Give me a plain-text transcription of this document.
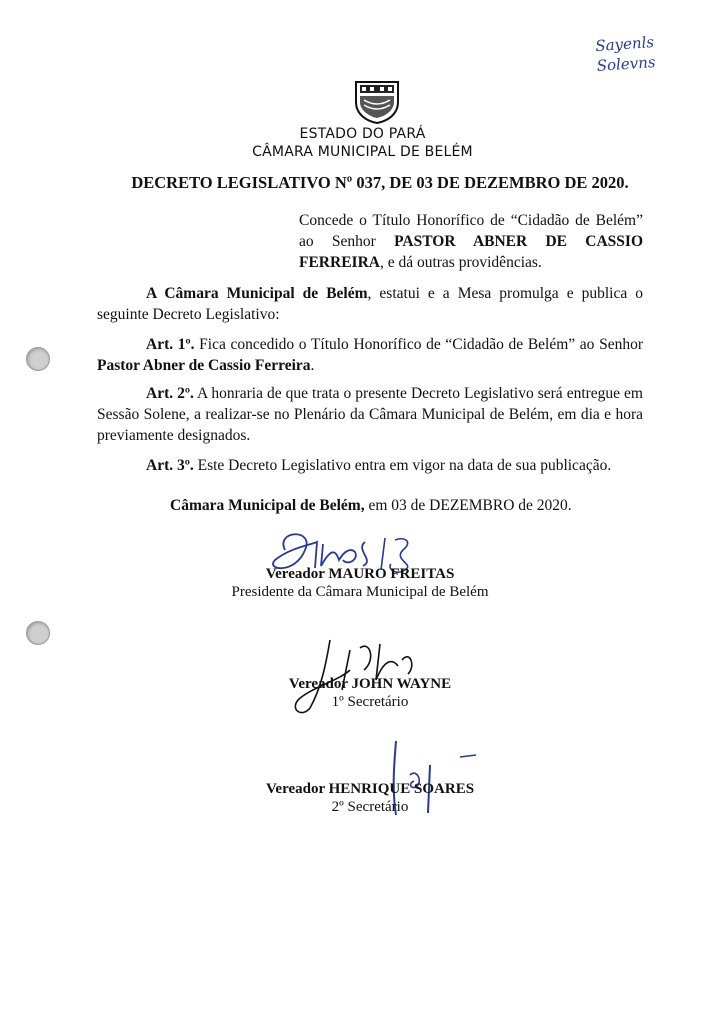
Sayenls
Solevns
ESTADO DO PARÁ
CÂMARA MUNICIPAL DE BELÉM
DECRETO LEGISLATIVO Nº 037, DE 03 DE DEZEMBRO DE 2020.
Concede o Título Honorífico de “Cidadão de Belém” ao Senhor PASTOR ABNER DE CASSIO FERREIRA, e dá outras providências.
A Câmara Municipal de Belém, estatui e a Mesa promulga e publica o seguinte Decreto Legislativo:
Art. 1º. Fica concedido o Título Honorífico de “Cidadão de Belém” ao Senhor Pastor Abner de Cassio Ferreira.
Art. 2º. A honraria de que trata o presente Decreto Legislativo será entregue em Sessão Solene, a realizar-se no Plenário da Câmara Municipal de Belém, em dia e hora previamente designados.
Art. 3º. Este Decreto Legislativo entra em vigor na data de sua publicação.
Câmara Municipal de Belém, em 03 de DEZEMBRO de 2020.
Vereador MAURO FREITAS
Presidente da Câmara Municipal de Belém
Vereador JOHN WAYNE
1º Secretário
Vereador HENRIQUE SOARES
2º Secretário
